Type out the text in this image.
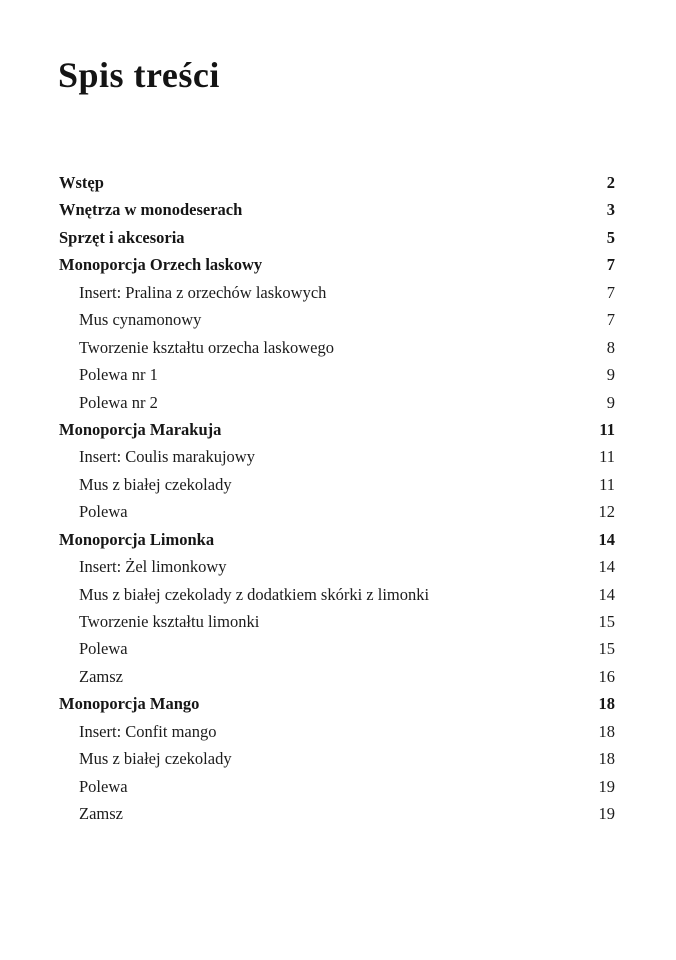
Spis treści
Wstęp	2
Wnętrza w monodeserach	3
Sprzęt i akcesoria	5
Monoporcja Orzech laskowy	7
Insert: Pralina z orzechów laskowych	7
Mus cynamonowy	7
Tworzenie kształtu orzecha laskowego	8
Polewa nr 1	9
Polewa nr 2	9
Monoporcja Marakuja	11
Insert: Coulis marakujowy	11
Mus z białej czekolady	11
Polewa	12
Monoporcja Limonka	14
Insert: Żel limonkowy	14
Mus z białej czekolady z dodatkiem skórki z limonki	14
Tworzenie kształtu limonki	15
Polewa	15
Zamsz	16
Monoporcja Mango	18
Insert: Confit mango	18
Mus z białej czekolady	18
Polewa	19
Zamsz	19
